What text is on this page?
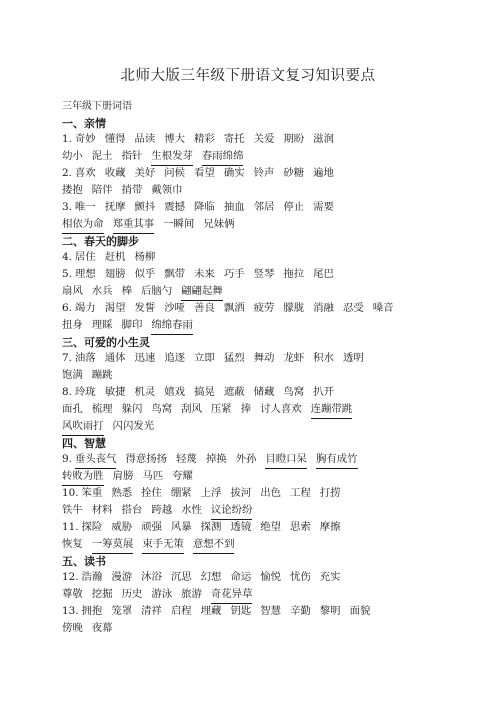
北师大版三年级下册语文复习知识要点
三年级下册词语
一、亲情
1. 奇妙 懂得 品读 博大 精彩 寄托 关爱 期盼 滋润
幼小 泥土 指针 生根发芽 春雨绵绵
2. 喜欢 收藏 美好 问候 看望 确实 铃声 砂糖 遍地
搂抱 陪伴 捎带 戴领巾
3. 唯一 抚摩 颤抖 震撼 降临 抽血 邻居 停止 需要
相依为命 郑重其事 一瞬间 兄妹俩
二、春天的脚步
4. 居住 赶机 杨柳
5. 理想 翅膀 似乎 飘带 未来 巧手 竖琴 拖拉 尾巴
扇风 水兵 棒 后脑勺 翩翩起舞
6. 竭力 渴望 发誓 沙哑 善良 飘洒 疲劳 朦胧 消融 忍受 嗓音
扭身 理睬 脚印 绵绵春雨
三、可爱的小生灵
7. 油落 通体 迅速 追逐 立即 猛烈 舞动 龙虾 积水 透明
饱满 蹦跳
8. 玲珑 敏捷 机灵 嬉戏 搞晃 遮蔽 储藏 鸟窝 扒开
面孔 梳理 躲闪 鸟窝 刮风 压紧 捧 讨人喜欢 连蹦带跳
风吹雨打 闪闪发光
四、智慧
9. 垂头丧气 得意扬扬 轻蔑 掉换 外孙 目瞪口呆 胸有成竹
转败为胜 肩膀 马匹 夸耀
10. 笨重 熟悉 拴住 绷紧 上浮 拔河 出色 工程 打捞
铁牛 材料 搭台 跨越 水性 议论纷纷
11. 探险 威胁 顽强 风暴 探测 透镜 绝望 思索 摩擦
恢复 一筹莫展 束手无策 意想不到
五、读书
12. 浩瀚 漫游 沐浴 沉思 幻想 命运 愉悦 忧伤 充实
尊敬 挖掘 历史 游泳 旅游 奇花异草
13. 拥抱 笼罩 清祥 启程 埋藏 钥匙 智慧 辛勤 黎明 面貌
傍晚 夜幕
